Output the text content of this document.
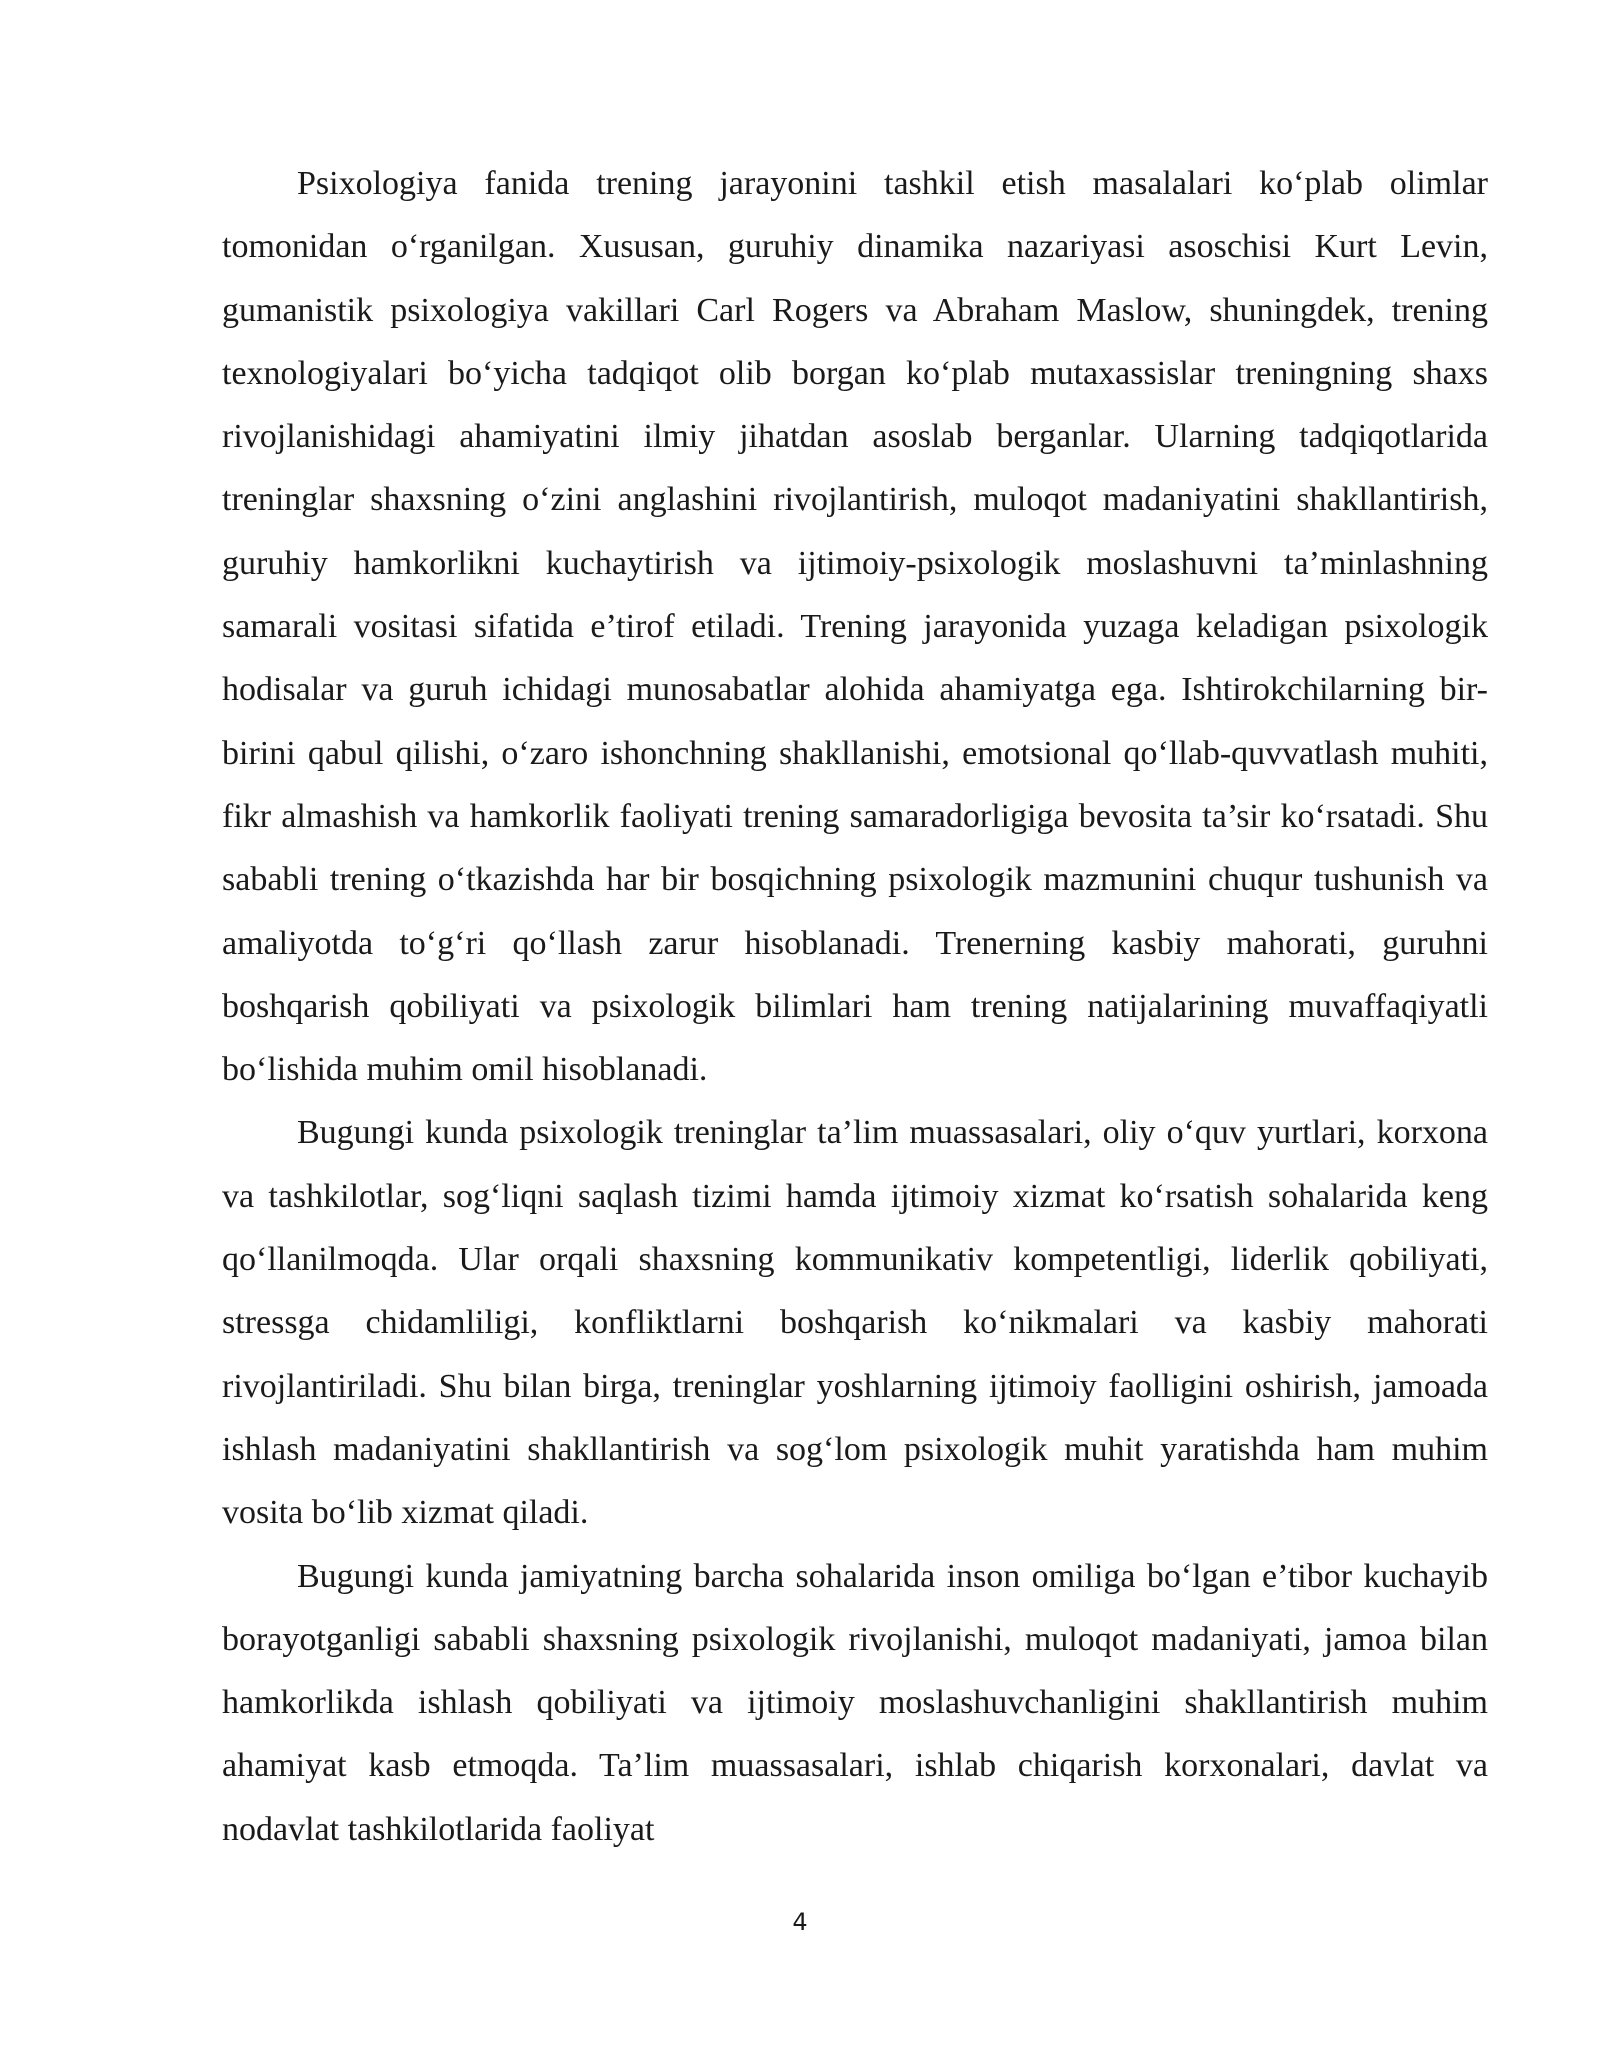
Psixologiya fanida trening jarayonini tashkil etish masalalari ko‘plab olimlar tomonidan o‘rganilgan. Xususan, guruhiy dinamika nazariyasi asoschisi Kurt Levin, gumanistik psixologiya vakillari Carl Rogers va Abraham Maslow, shuningdek, trening texnologiyalari bo‘yicha tadqiqot olib borgan ko‘plab mutaxassislar treningning shaxs rivojlanishidagi ahamiyatini ilmiy jihatdan asoslab berganlar. Ularning tadqiqotlarida treninglar shaxsning o‘zini anglashini rivojlantirish, muloqot madaniyatini shakllantirish, guruhiy hamkorlikni kuchaytirish va ijtimoiy-psixologik moslashuvni ta’minlashning samarali vositasi sifatida e’tirof etiladi. Trening jarayonida yuzaga keladigan psixologik hodisalar va guruh ichidagi munosabatlar alohida ahamiyatga ega. Ishtirokchilarning bir-birini qabul qilishi, o‘zaro ishonchning shakllanishi, emotsional qo‘llab-quvvatlash muhiti, fikr almashish va hamkorlik faoliyati trening samaradorligiga bevosita ta’sir ko‘rsatadi. Shu sababli trening o‘tkazishda har bir bosqichning psixologik mazmunini chuqur tushunish va amaliyotda to‘g‘ri qo‘llash zarur hisoblanadi. Trenerning kasbiy mahorati, guruhni boshqarish qobiliyati va psixologik bilimlari ham trening natijalarining muvaffaqiyatli bo‘lishida muhim omil hisoblanadi.

Bugungi kunda psixologik treninglar ta’lim muassasalari, oliy o‘quv yurtlari, korxona va tashkilotlar, sog‘liqni saqlash tizimi hamda ijtimoiy xizmat ko‘rsatish sohalarida keng qo‘llanilmoqda. Ular orqali shaxsning kommunikativ kompetentligi, liderlik qobiliyati, stressga chidamliligi, konfliktlarni boshqarish ko‘nikmalari va kasbiy mahorati rivojlantiriladi. Shu bilan birga, treninglar yoshlarning ijtimoiy faolligini oshirish, jamoada ishlash madaniyatini shakllantirish va sog‘lom psixologik muhit yaratishda ham muhim vosita bo‘lib xizmat qiladi.

Bugungi kunda jamiyatning barcha sohalarida inson omiliga bo‘lgan e’tibor kuchayib borayotganligi sababli shaxsning psixologik rivojlanishi, muloqot madaniyati, jamoa bilan hamkorlikda ishlash qobiliyati va ijtimoiy moslashuvchanligini shakllantirish muhim ahamiyat kasb etmoqda. Ta’lim muassasalari, ishlab chiqarish korxonalari, davlat va nodavlat tashkilotlarida faoliyat

4
